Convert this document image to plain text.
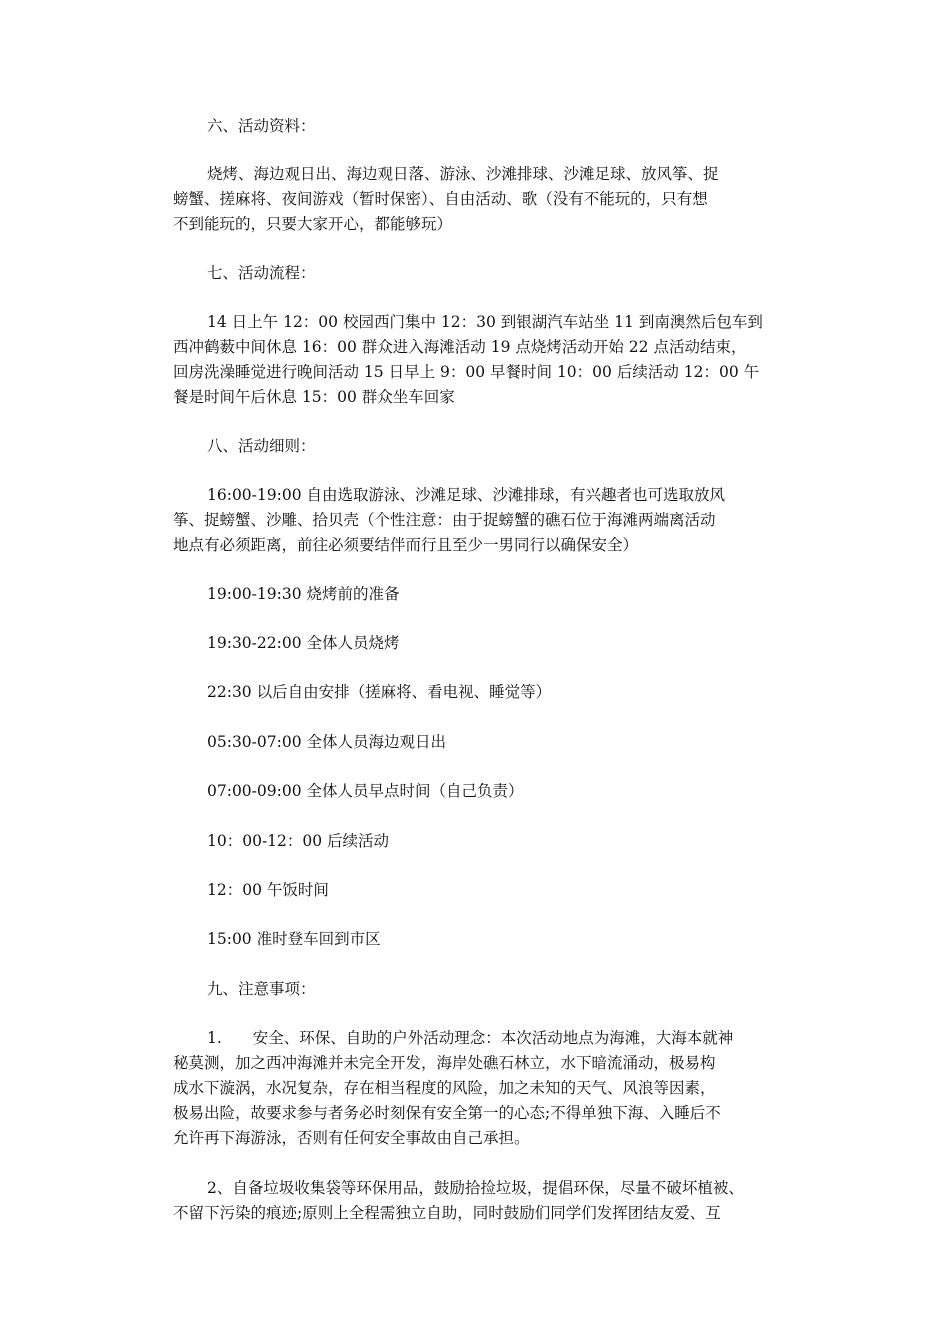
六、活动资料：
烧烤、海边观日出、海边观日落、游泳、沙滩排球、沙滩足球、放风筝、捉
螃蟹、搓麻将、夜间游戏（暂时保密）、自由活动、歌（没有不能玩的，只有想
不到能玩的，只要大家开心，都能够玩）
七、活动流程：
14 日上午 12：00 校园西门集中 12：30 到银湖汽车站坐 11 到南澳然后包车到
西冲鹤薮中间休息 16：00 群众进入海滩活动 19 点烧烤活动开始 22 点活动结束，
回房洗澡睡觉进行晚间活动 15 日早上 9：00 早餐时间 10：00 后续活动 12：00 午
餐是时间午后休息 15：00 群众坐车回家
八、活动细则：
16:00-19:00 自由选取游泳、沙滩足球、沙滩排球，有兴趣者也可选取放风
筝、捉螃蟹、沙雕、拾贝壳（个性注意：由于捉螃蟹的礁石位于海滩两端离活动
地点有必须距离，前往必须要结伴而行且至少一男同行以确保安全）
19:00-19:30 烧烤前的准备
19:30-22:00 全体人员烧烤
22:30 以后自由安排（搓麻将、看电视、睡觉等）
05:30-07:00 全体人员海边观日出
07:00-09:00 全体人员早点时间（自己负责）
10：00-12：00 后续活动
12：00 午饭时间
15:00 准时登车回到市区
九、注意事项：
1.　　安全、环保、自助的户外活动理念：本次活动地点为海滩，大海本就神
秘莫测，加之西冲海滩并未完全开发，海岸处礁石林立，水下暗流涌动，极易构
成水下漩涡，水况复杂，存在相当程度的风险，加之未知的天气、风浪等因素，
极易出险，故要求参与者务必时刻保有安全第一的心态;不得单独下海、入睡后不
允许再下海游泳，否则有任何安全事故由自己承担。
2、自备垃圾收集袋等环保用品，鼓励拾捡垃圾，提倡环保，尽量不破坏植被、
不留下污染的痕迹;原则上全程需独立自助，同时鼓励们同学们发挥团结友爱、互
